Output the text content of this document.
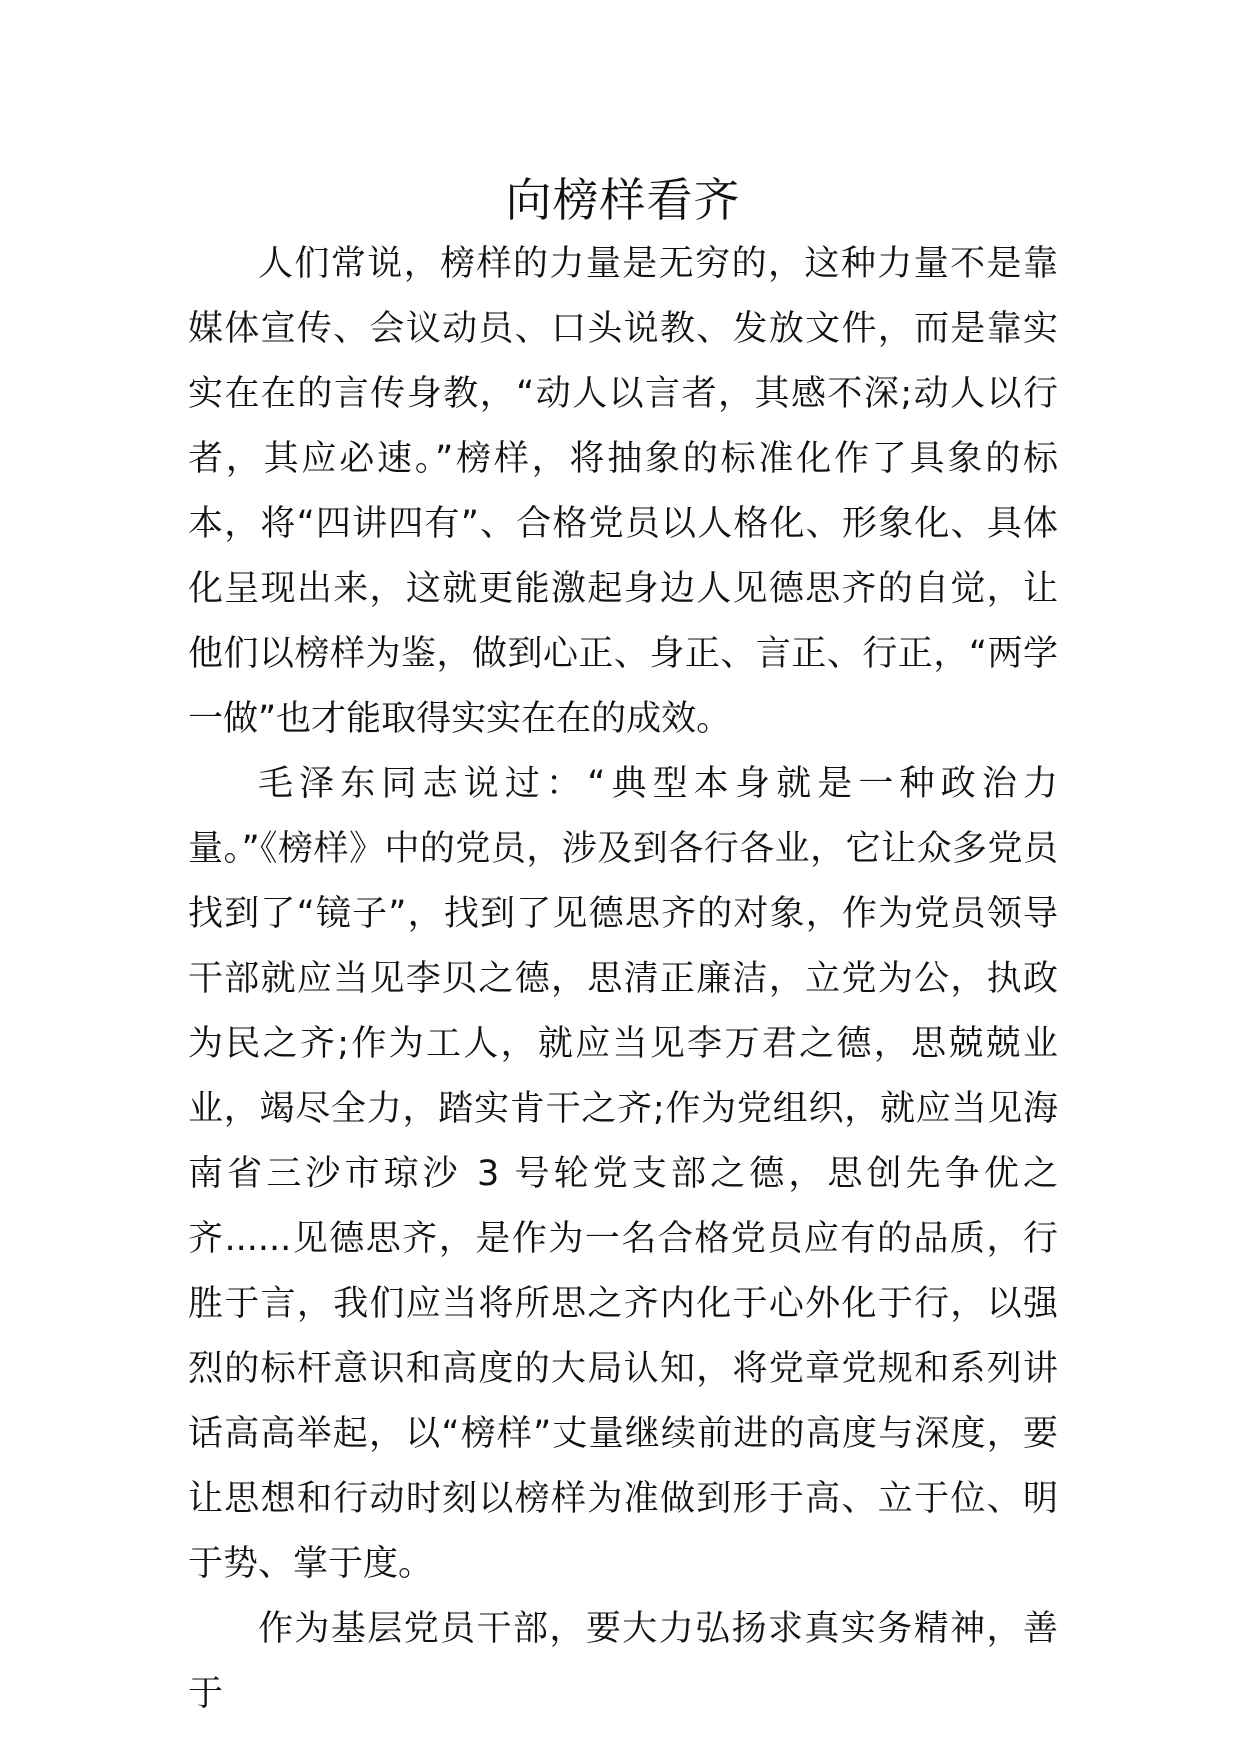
向榜样看齐

人们常说，榜样的力量是无穷的，这种力量不是靠媒体宣传、会议动员、口头说教、发放文件，而是靠实实在在的言传身教，“动人以言者，其感不深;动人以行者，其应必速。”榜样，将抽象的标准化作了具象的标本，将“四讲四有”、合格党员以人格化、形象化、具体化呈现出来，这就更能激起身边人见德思齐的自觉，让他们以榜样为鉴，做到心正、身正、言正、行正，“两学一做”也才能取得实实在在的成效。

毛泽东同志说过：“典型本身就是一种政治力量。”《榜样》中的党员，涉及到各行各业，它让众多党员找到了“镜子”，找到了见德思齐的对象，作为党员领导干部就应当见李贝之德，思清正廉洁，立党为公，执政为民之齐;作为工人，就应当见李万君之德，思兢兢业业，竭尽全力，踏实肯干之齐;作为党组织，就应当见海南省三沙市琼沙 3 号轮党支部之德，思创先争优之齐......见德思齐，是作为一名合格党员应有的品质，行胜于言，我们应当将所思之齐内化于心外化于行，以强烈的标杆意识和高度的大局认知，将党章党规和系列讲话高高举起，以“榜样”丈量继续前进的高度与深度，要让思想和行动时刻以榜样为准做到形于高、立于位、明于势、掌于度。

作为基层党员干部，要大力弘扬求真实务精神，善于
